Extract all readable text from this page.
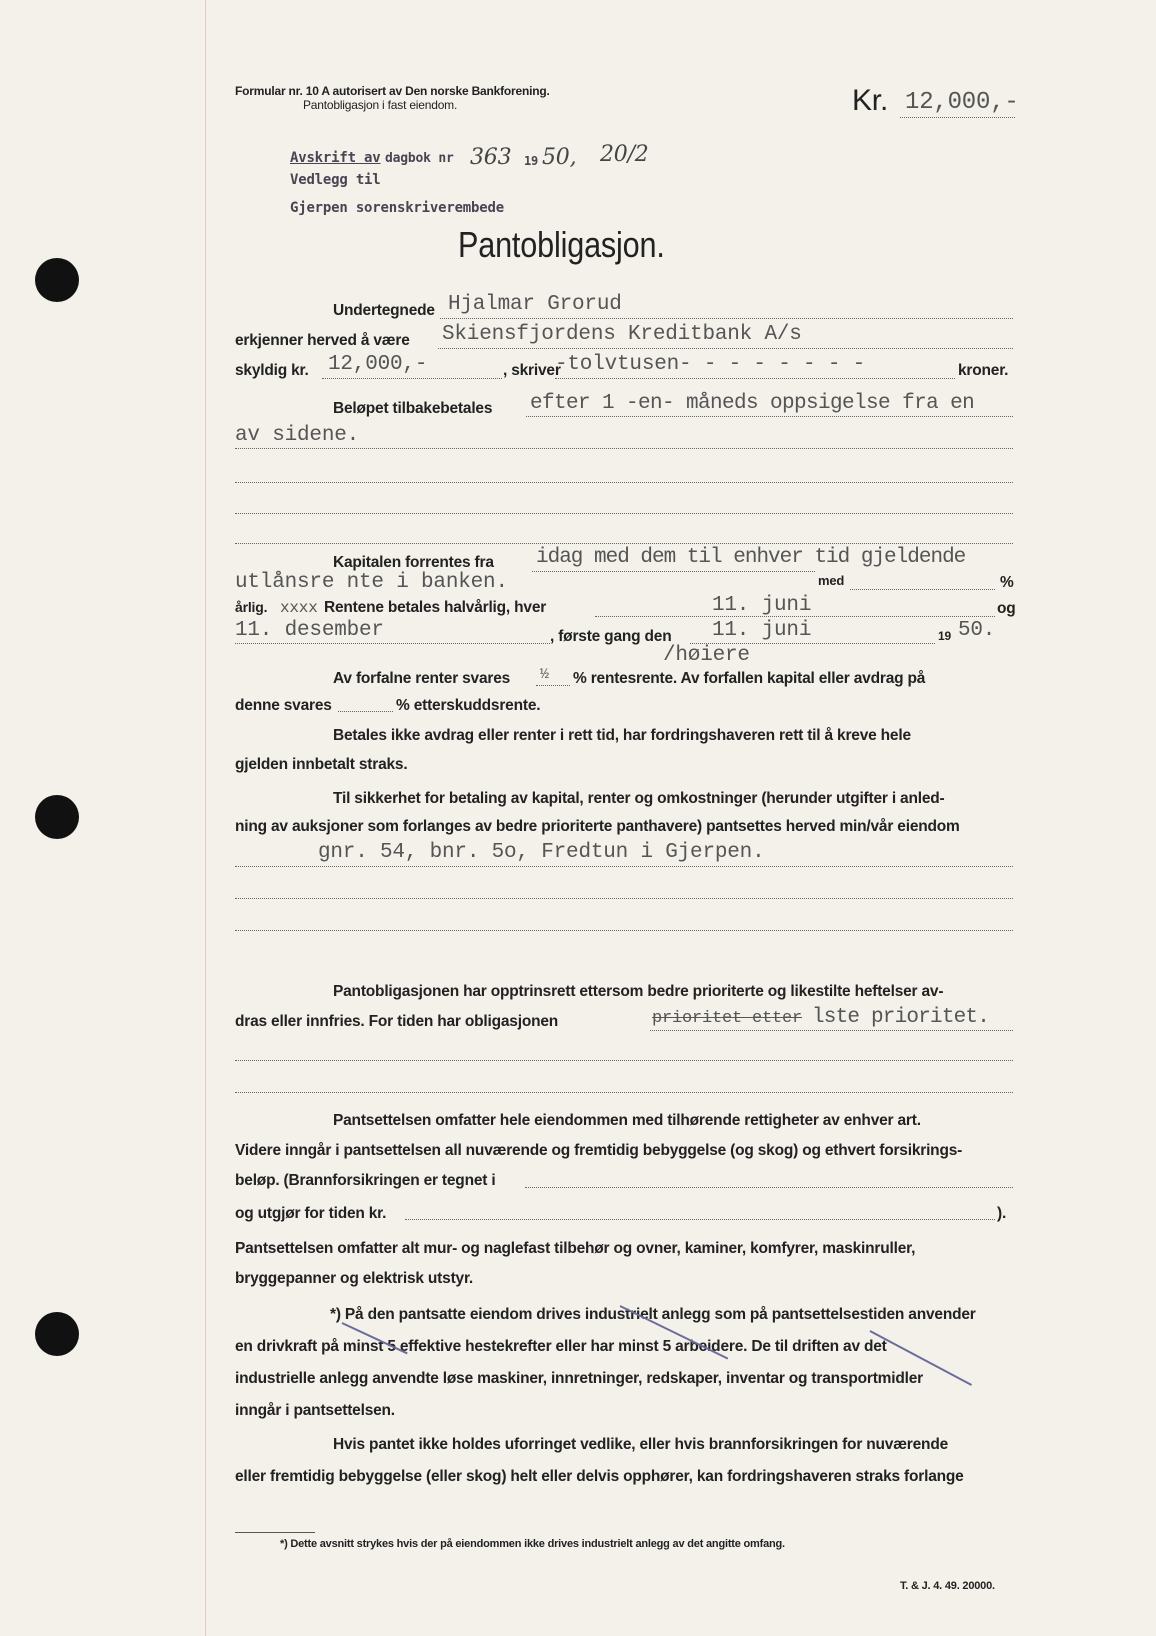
Formular nr. 10 A autorisert av Den norske Bankforening.
Pantobligasjon i fast eiendom.	Kr. 12,000,-
Avskrift av dagbok nr 363 19 50, 20/2
Vedlegg til
Gjerpen sorenskriverembede
Pantobligasjon.
Undertegnede Hjalmar Grorud
erkjenner herved å være Skiensfjordens Kreditbank A/s
skyldig kr. 12,000,-	, skriver
-tolvtusen- - - - - - - -	kroner.
Beløpet tilbakebetales efter 1 -en- måneds oppsigelse fra en
av sidene.
Kapitalen forrentes fra idag med dem til enhver tid gjeldende
med	%
utlånsre nte i banken.
årlig. xxxx Rentene betales halvårlig, hver	11. juni	og
11. desember	, første gang den 11. juni	19 50.
/høiere
Av forfalne renter svares ½ % rentesrente. Av forfallen kapital eller avdrag på
denne svares	% etterskuddsrente.
Betales ikke avdrag eller renter i rett tid, har fordringshaveren rett til å kreve hele
gjelden innbetalt straks.
Til sikkerhet for betaling av kapital, renter og omkostninger (herunder utgifter i anled-
ning av auksjoner som forlanges av bedre prioriterte panthavere) pantsettes herved min/vår eiendom
gnr. 54, bnr. 5o, Fredtun i Gjerpen.
Pantobligasjonen har opptrinsrett ettersom bedre prioriterte og likestilte heftelser av-
dras eller innfries. For tiden har obligasjonen	prioritet etter lste prioritet.
Pantsettelsen omfatter hele eiendommen med tilhørende rettigheter av enhver art.
Videre inngår i pantsettelsen all nuværende og fremtidig bebyggelse (og skog) og ethvert forsikrings-
beløp. (Brannforsikringen er tegnet i
og utgjør for tiden kr.	).
Pantsettelsen omfatter alt mur- og naglefast tilbehør og ovner, kaminer, komfyrer, maskinruller,
bryggepanner og elektrisk utstyr.
*) På den pantsatte eiendom drives industrielt anlegg som på pantsettelsestiden anvender
en drivkraft på minst 5 effektive hestekrefter eller har minst 5 arbeidere. De til driften av det
industrielle anlegg anvendte løse maskiner, innretninger, redskaper, inventar og transportmidler
inngår i pantsettelsen.
Hvis pantet ikke holdes uforringet vedlike, eller hvis brannforsikringen for nuværende
eller fremtidig bebyggelse (eller skog) helt eller delvis opphører, kan fordringshaveren straks forlange
*) Dette avsnitt strykes hvis der på eiendommen ikke drives industrielt anlegg av det angitte omfang.
T. & J. 4. 49. 20000.
